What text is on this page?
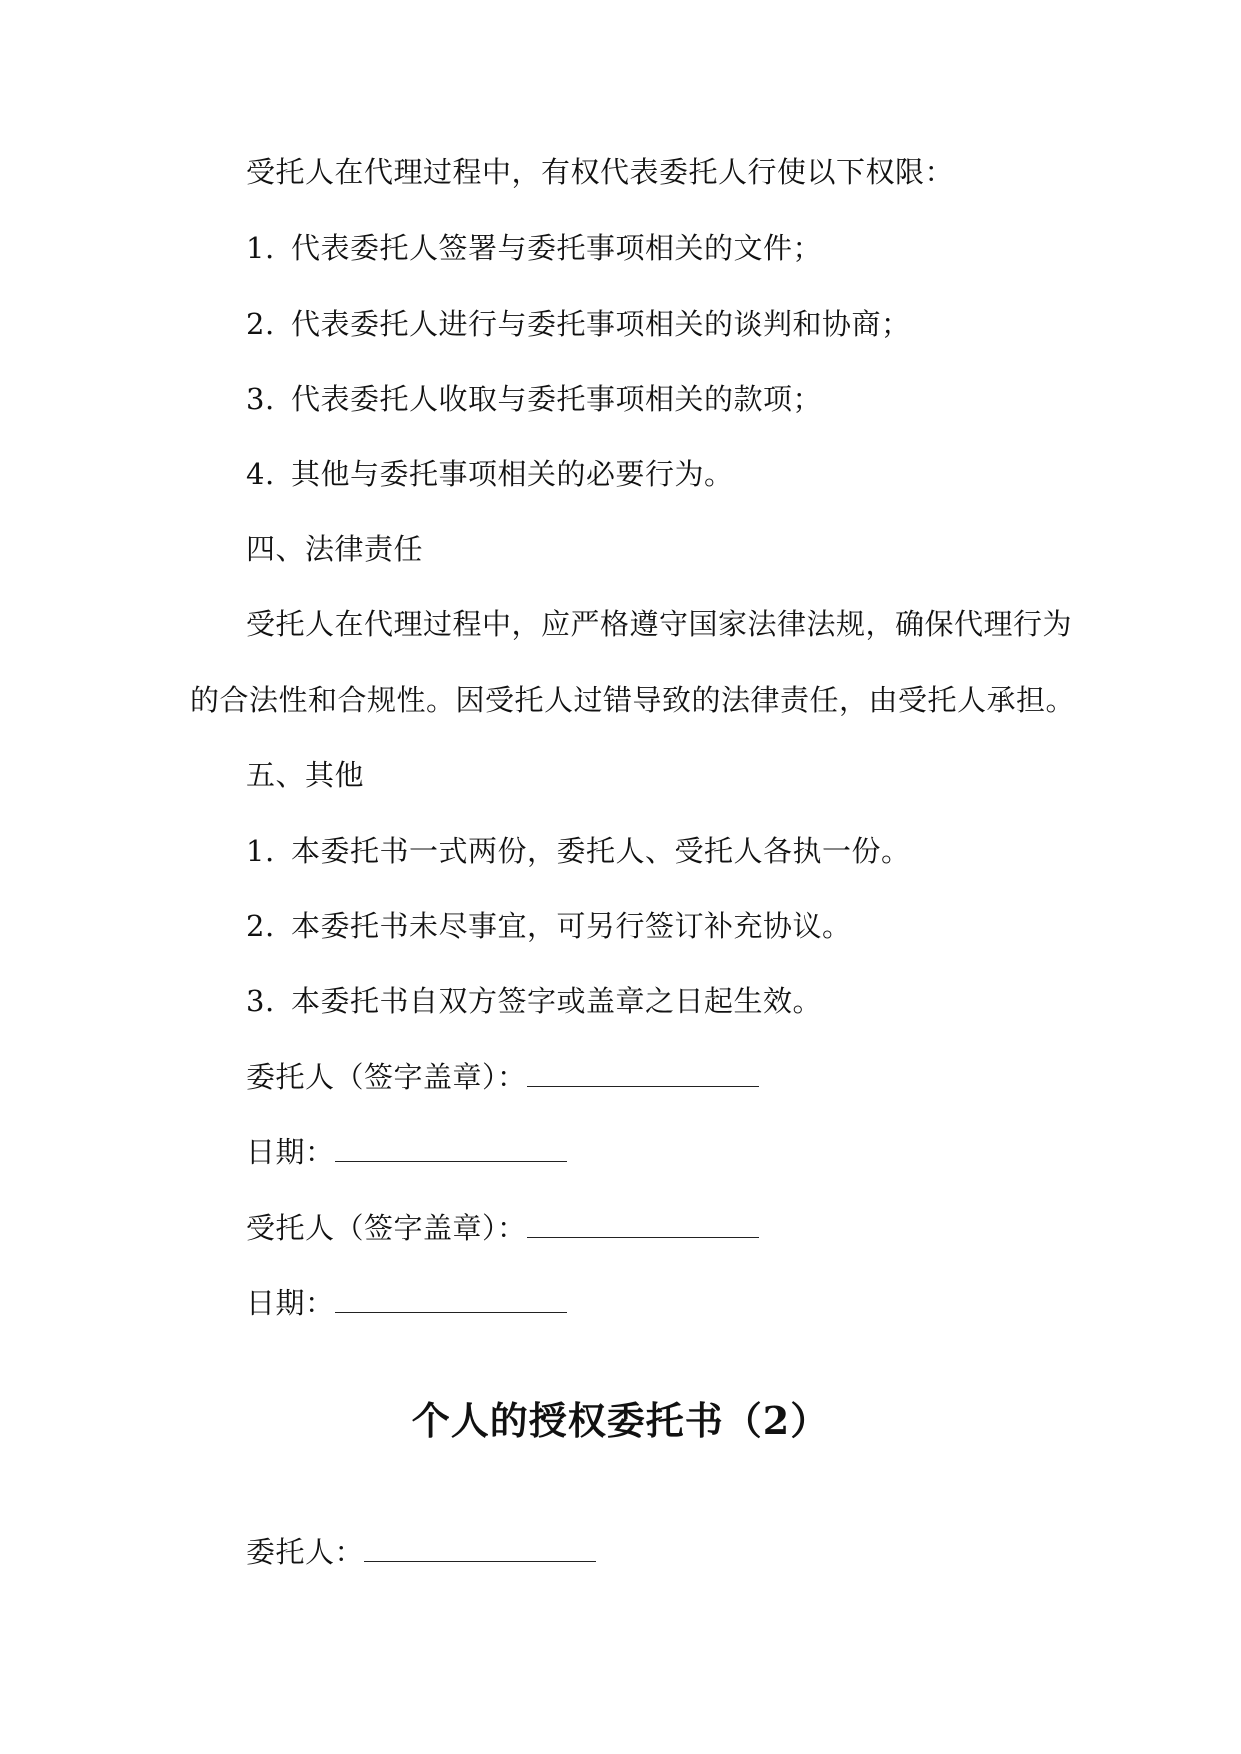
受托人在代理过程中，有权代表委托人行使以下权限：
1. 代表委托人签署与委托事项相关的文件；
2. 代表委托人进行与委托事项相关的谈判和协商；
3. 代表委托人收取与委托事项相关的款项；
4. 其他与委托事项相关的必要行为。
四、法律责任
受托人在代理过程中，应严格遵守国家法律法规，确保代理行为
的合法性和合规性。因受托人过错导致的法律责任，由受托人承担。
五、其他
1. 本委托书一式两份，委托人、受托人各执一份。
2. 本委托书未尽事宜，可另行签订补充协议。
3. 本委托书自双方签字或盖章之日起生效。
委托人（签字盖章）：
日期：
受托人（签字盖章）：
日期：
个人的授权委托书（2）
委托人：
